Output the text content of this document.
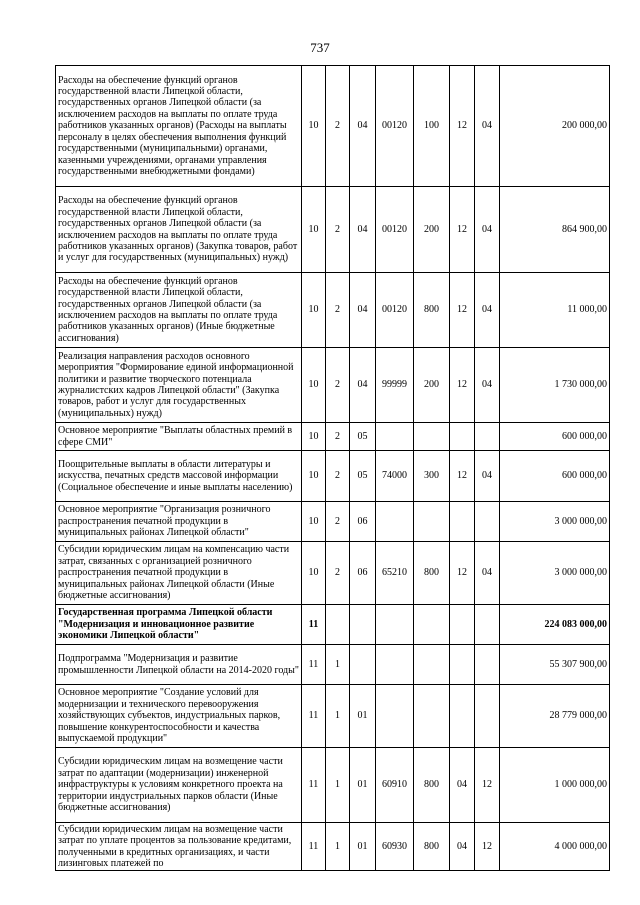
737
Расходы на обеспечение функций органов государственной власти Липецкой области, государственных органов Липецкой области (за исключением расходов на выплаты по оплате труда работников указанных органов) (Расходы на выплаты персоналу в целях обеспечения выполнения функций государственными (муниципальными) органами, казенными учреждениями, органами управления государственными внебюджетными фондами)	10	2	04	00120	100	12	04	200 000,00
Расходы на обеспечение функций органов государственной власти Липецкой области, государственных органов Липецкой области (за исключением расходов на выплаты по оплате труда работников указанных органов) (Закупка товаров, работ и услуг для государственных (муниципальных) нужд)	10	2	04	00120	200	12	04	864 900,00
Расходы на обеспечение функций органов государственной власти Липецкой области, государственных органов Липецкой области (за исключением расходов на выплаты по оплате труда работников указанных органов) (Иные бюджетные ассигнования)	10	2	04	00120	800	12	04	11 000,00
Реализация направления расходов основного мероприятия "Формирование единой информационной политики и развитие творческого потенциала журналистских кадров Липецкой области" (Закупка товаров, работ и услуг для государственных (муниципальных) нужд)	10	2	04	99999	200	12	04	1 730 000,00
Основное мероприятие "Выплаты областных премий в сфере СМИ"	10	2	05					600 000,00
Поощрительные выплаты в области литературы и искусства, печатных средств массовой информации (Социальное обеспечение и иные выплаты населению)	10	2	05	74000	300	12	04	600 000,00
Основное мероприятие "Организация розничного распространения печатной продукции в муниципальных районах Липецкой области"	10	2	06					3 000 000,00
Субсидии юридическим лицам на компенсацию части затрат, связанных с организацией розничного распространения печатной продукции в муниципальных районах Липецкой области (Иные бюджетные ассигнования)	10	2	06	65210	800	12	04	3 000 000,00
Государственная программа Липецкой области "Модернизация и инновационное развитие экономики Липецкой области"	11							224 083 000,00
Подпрограмма "Модернизация и развитие промышленности Липецкой области на 2014-2020 годы"	11	1						55 307 900,00
Основное мероприятие "Создание условий для модернизации и технического перевооружения хозяйствующих субъектов, индустриальных парков, повышение конкурентоспособности и качества выпускаемой продукции"	11	1	01					28 779 000,00
Субсидии юридическим лицам на возмещение части затрат по адаптации (модернизации) инженерной инфраструктуры к условиям конкретного проекта на территории индустриальных парков области (Иные бюджетные ассигнования)	11	1	01	60910	800	04	12	1 000 000,00
Субсидии юридическим лицам на возмещение части затрат по уплате процентов за пользование кредитами, полученными в кредитных организациях, и части лизинговых платежей по	11	1	01	60930	800	04	12	4 000 000,00
